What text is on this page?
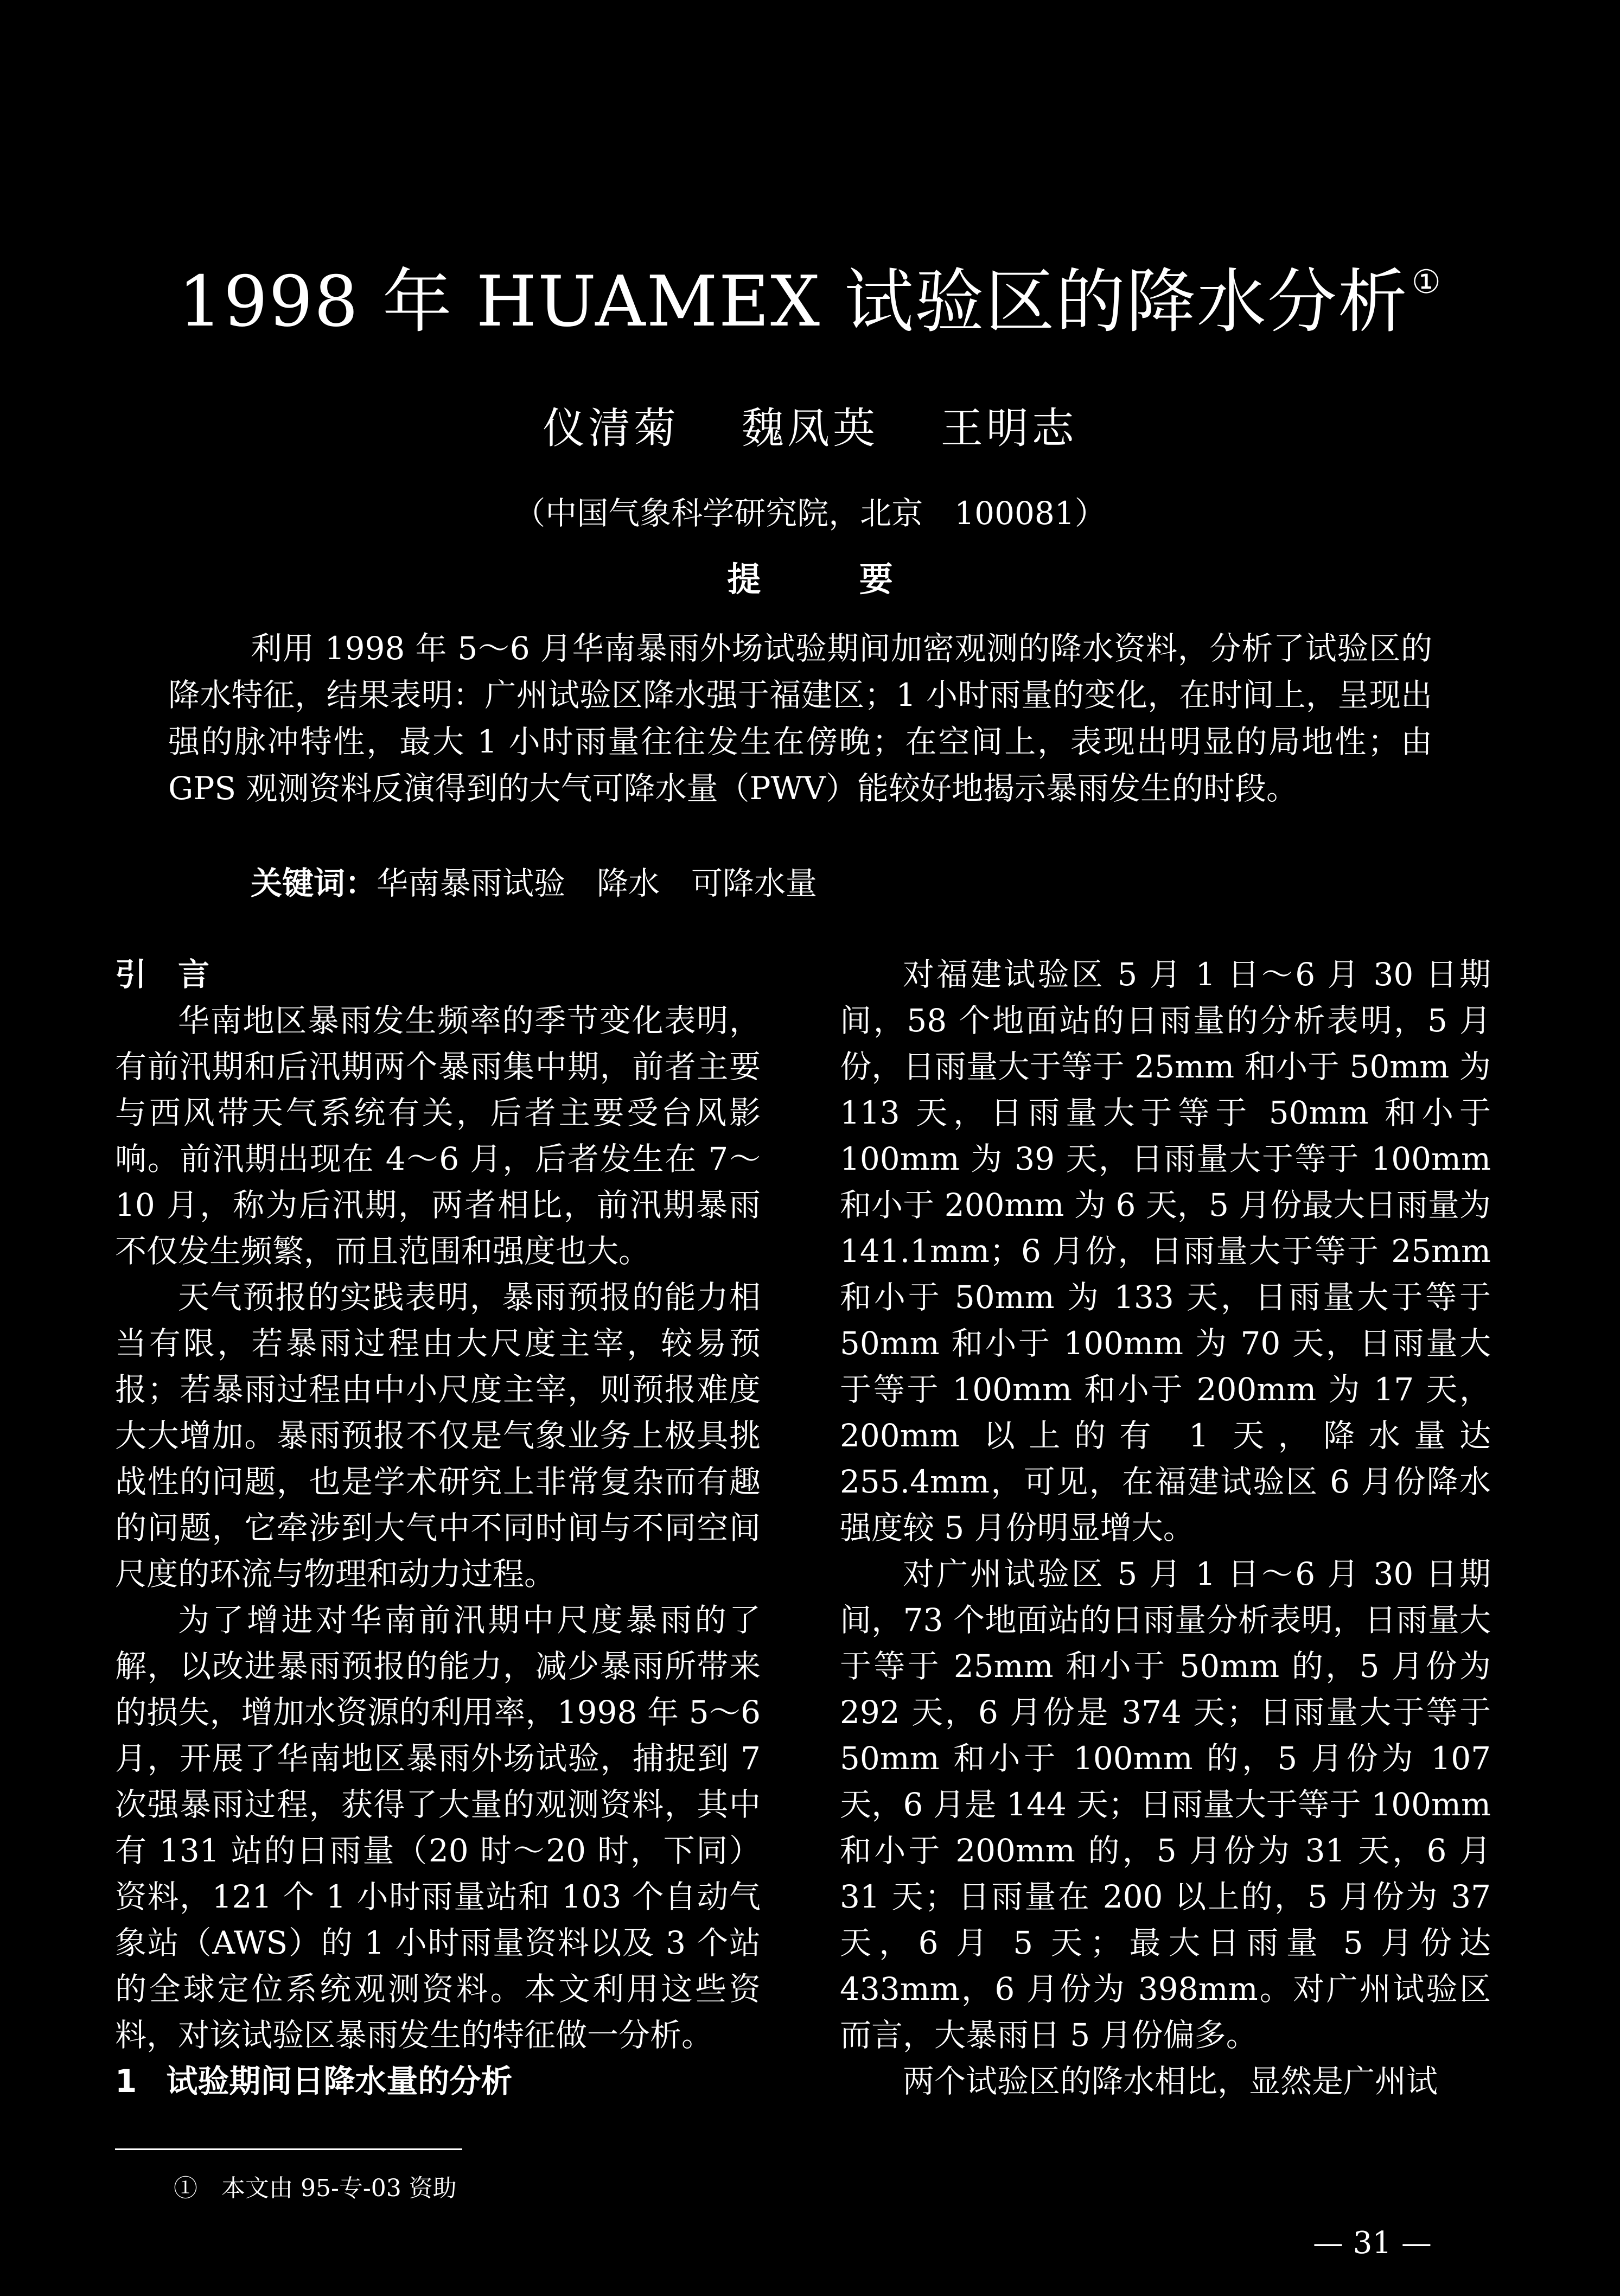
1998 年 HUAMEX 试验区的降水分析 ①
仪清菊 魏凤英 王明志
（中国气象科学研究院，北京　100081）
提 要

利用 1998 年 5～6 月华南暴雨外场试验期间加密观测的降水资料，分析了试验区的降水特征，结果表明：广州试验区降水强于福建区；1 小时雨量的变化，在时间上，呈现出强的脉冲特性，最大 1 小时雨量往往发生在傍晚；在空间上，表现出明显的局地性；由 GPS 观测资料反演得到的大气可降水量（PWV）能较好地揭示暴雨发生的时段。

关键词：华南暴雨试验　降水　可降水量
引　言

华南地区暴雨发生频率的季节变化表明，有前汛期和后汛期两个暴雨集中期，前者主要与西风带天气系统有关，后者主要受台风影响。前汛期出现在 4～6 月，后者发生在 7～10 月，称为后汛期，两者相比，前汛期暴雨不仅发生频繁，而且范围和强度也大。

天气预报的实践表明，暴雨预报的能力相当有限，若暴雨过程由大尺度主宰，较易预报；若暴雨过程由中小尺度主宰，则预报难度大大增加。暴雨预报不仅是气象业务上极具挑战性的问题，也是学术研究上非常复杂而有趣的问题，它牵涉到大气中不同时间与不同空间尺度的环流与物理和动力过程。

为了增进对华南前汛期中尺度暴雨的了解，以改进暴雨预报的能力，减少暴雨所带来的损失，增加水资源的利用率，1998 年 5～6 月，开展了华南地区暴雨外场试验，捕捉到 7 次强暴雨过程，获得了大量的观测资料，其中有 131 站的日雨量（20 时～20 时，下同）资料，121 个 1 小时雨量站和 103 个自动气象站（AWS）的 1 小时雨量资料以及 3 个站的全球定位系统观测资料。本文利用这些资料，对该试验区暴雨发生的特征做一分析。

1 试验期间日降水量的分析

对福建试验区 5 月 1 日～6 月 30 日期间，58 个地面站的日雨量的分析表明，5 月份，日雨量大于等于 25mm 和小于 50mm 为 113 天，日雨量大于等于 50mm 和小于 100mm 为 39 天，日雨量大于等于 100mm 和小于 200mm 为 6 天，5 月份最大日雨量为 141.1mm；6 月份，日雨量大于等于 25mm 和小于 50mm 为 133 天，日雨量大于等于 50mm 和小于 100mm 为 70 天，日雨量大于等于 100mm 和小于 200mm 为 17 天，200mm 以上的有 1 天，降水量达 255.4mm，可见，在福建试验区 6 月份降水强度较 5 月份明显增大。

对广州试验区 5 月 1 日～6 月 30 日期间，73 个地面站的日雨量分析表明，日雨量大于等于 25mm 和小于 50mm 的，5 月份为 292 天，6 月份是 374 天；日雨量大于等于 50mm 和小于 100mm 的，5 月份为 107 天，6 月是 144 天；日雨量大于等于 100mm 和小于 200mm 的，5 月份为 31 天，6 月 31 天；日雨量在 200 以上的，5 月份为 37 天，6 月 5 天；最大日雨量 5 月份达 433mm，6 月份为 398mm。对广州试验区而言，大暴雨日 5 月份偏多。

两个试验区的降水相比，显然是广州试

①　本文由 95-专-03 资助
— 31 —
